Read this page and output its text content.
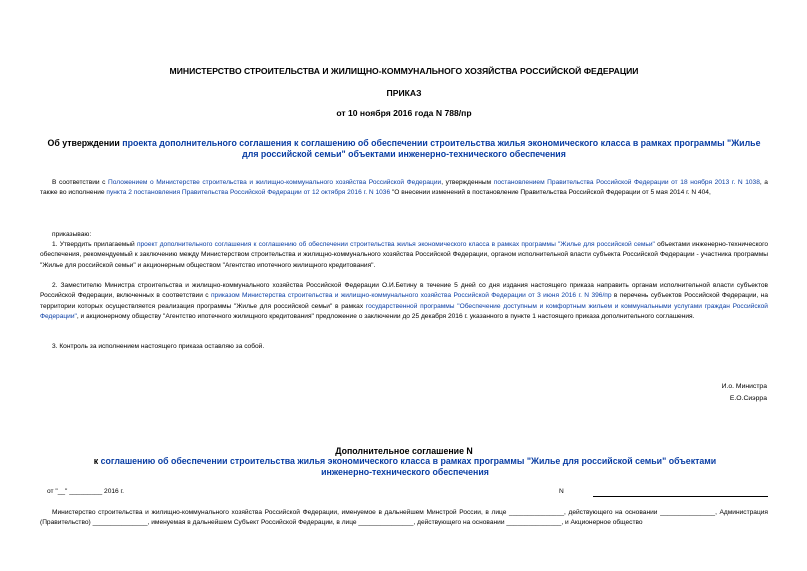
МИНИСТЕРСТВО СТРОИТЕЛЬСТВА И ЖИЛИЩНО-КОММУНАЛЬНОГО ХОЗЯЙСТВА РОССИЙСКОЙ ФЕДЕРАЦИИ
ПРИКАЗ
от 10 ноября 2016 года N 788/пр
Об утверждении проекта дополнительного соглашения к соглашению об обеспечении строительства жилья экономического класса в рамках программы "Жилье для российской семьи" объектами инженерно-технического обеспечения
В соответствии с Положением о Министерстве строительства и жилищно-коммунального хозяйства Российской Федерации, утвержденным постановлением Правительства Российской Федерации от 18 ноября 2013 г. N 1038, а также во исполнение пункта 2 постановления Правительства Российской Федерации от 12 октября 2016 г. N 1036 "О внесении изменений в постановление Правительства Российской Федерации от 5 мая 2014 г. N 404,
приказываю:
1. Утвердить прилагаемый проект дополнительного соглашения к соглашению об обеспечении строительства жилья экономического класса в рамках программы "Жилье для российской семьи" объектами инженерно-технического обеспечения, рекомендуемый к заключению между Министерством строительства и жилищно-коммунального хозяйства Российской Федерации, органом исполнительной власти субъекта Российской Федерации - участника программы "Жилье для российской семьи" и акционерным обществом "Агентство ипотечного жилищного кредитования".
2. Заместителю Министра строительства и жилищно-коммунального хозяйства Российской Федерации О.И.Бетину в течение 5 дней со дня издания настоящего приказа направить органам исполнительной власти субъектов Российской Федерации, включенных в соответствии с приказом Министерства строительства и жилищно-коммунального хозяйства Российской Федерации от 3 июня 2016 г. N 396/пр в перечень субъектов Российской Федерации, на территории которых осуществляется реализация программы "Жилье для российской семьи" в рамках государственной программы "Обеспечение доступным и комфортным жильем и коммунальными услугами граждан Российской Федерации", и акционерному обществу "Агентство ипотечного жилищного кредитования" предложение о заключении до 25 декабря 2016 г. указанного в пункте 1 настоящего приказа дополнительного соглашения.
3. Контроль за исполнением настоящего приказа оставляю за собой.
И.о. Министра
Е.О.Сиэрра
Дополнительное соглашение N
к соглашению об обеспечении строительства жилья экономического класса в рамках программы "Жилье для российской семьи" объектами инженерно-технического обеспечения
от "__" _________ 2016 г.	N
Министерство строительства и жилищно-коммунального хозяйства Российской Федерации, именуемое в дальнейшем Минстрой России, в лице _______________, действующего на основании _______________, Администрация (Правительство) _______________, именуемая в дальнейшем Субъект Российской Федерации, в лице _______________, действующего на основании _______________, и Акционерное общество
